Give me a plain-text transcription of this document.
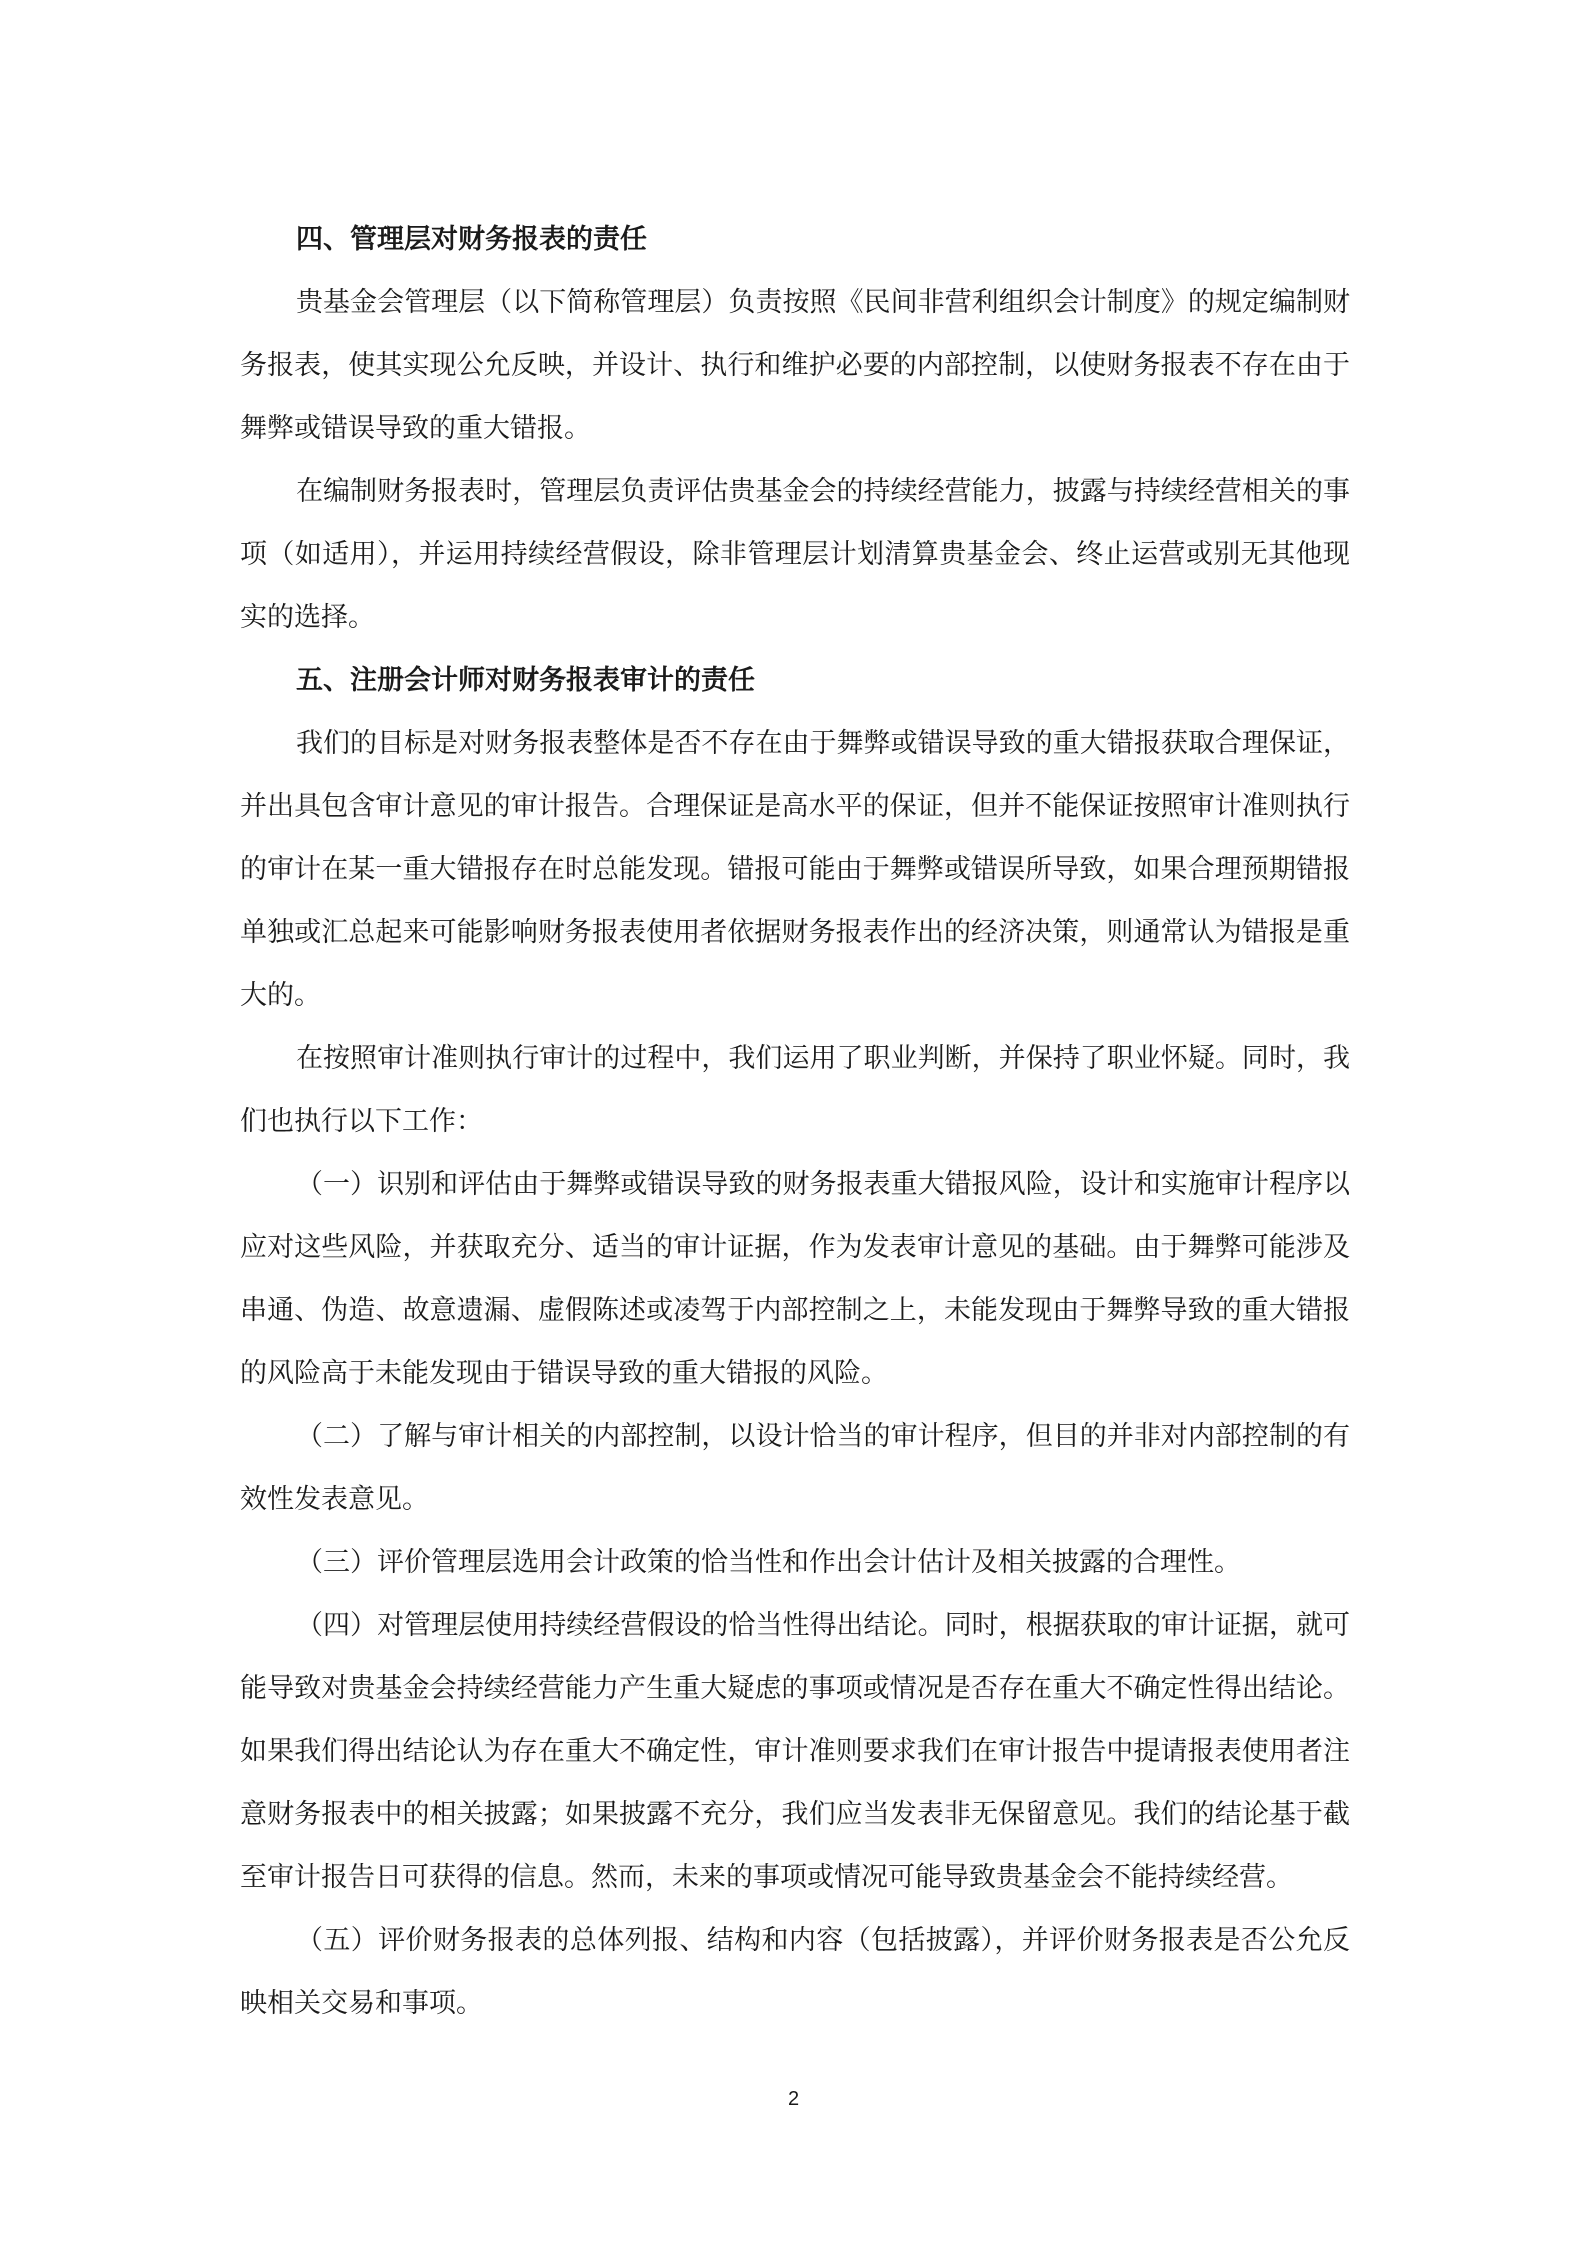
四、管理层对财务报表的责任

贵基金会管理层（以下简称管理层）负责按照《民间非营利组织会计制度》的规定编制财务报表，使其实现公允反映，并设计、执行和维护必要的内部控制，以使财务报表不存在由于舞弊或错误导致的重大错报。

在编制财务报表时，管理层负责评估贵基金会的持续经营能力，披露与持续经营相关的事项（如适用），并运用持续经营假设，除非管理层计划清算贵基金会、终止运营或别无其他现实的选择。

五、注册会计师对财务报表审计的责任

我们的目标是对财务报表整体是否不存在由于舞弊或错误导致的重大错报获取合理保证，并出具包含审计意见的审计报告。合理保证是高水平的保证，但并不能保证按照审计准则执行的审计在某一重大错报存在时总能发现。错报可能由于舞弊或错误所导致，如果合理预期错报单独或汇总起来可能影响财务报表使用者依据财务报表作出的经济决策，则通常认为错报是重大的。

在按照审计准则执行审计的过程中，我们运用了职业判断，并保持了职业怀疑。同时，我们也执行以下工作：

（一）识别和评估由于舞弊或错误导致的财务报表重大错报风险，设计和实施审计程序以应对这些风险，并获取充分、适当的审计证据，作为发表审计意见的基础。由于舞弊可能涉及串通、伪造、故意遗漏、虚假陈述或凌驾于内部控制之上，未能发现由于舞弊导致的重大错报的风险高于未能发现由于错误导致的重大错报的风险。

（二）了解与审计相关的内部控制，以设计恰当的审计程序，但目的并非对内部控制的有效性发表意见。

（三）评价管理层选用会计政策的恰当性和作出会计估计及相关披露的合理性。

（四）对管理层使用持续经营假设的恰当性得出结论。同时，根据获取的审计证据，就可能导致对贵基金会持续经营能力产生重大疑虑的事项或情况是否存在重大不确定性得出结论。如果我们得出结论认为存在重大不确定性，审计准则要求我们在审计报告中提请报表使用者注意财务报表中的相关披露；如果披露不充分，我们应当发表非无保留意见。我们的结论基于截至审计报告日可获得的信息。然而，未来的事项或情况可能导致贵基金会不能持续经营。

（五）评价财务报表的总体列报、结构和内容（包括披露），并评价财务报表是否公允反映相关交易和事项。

2
